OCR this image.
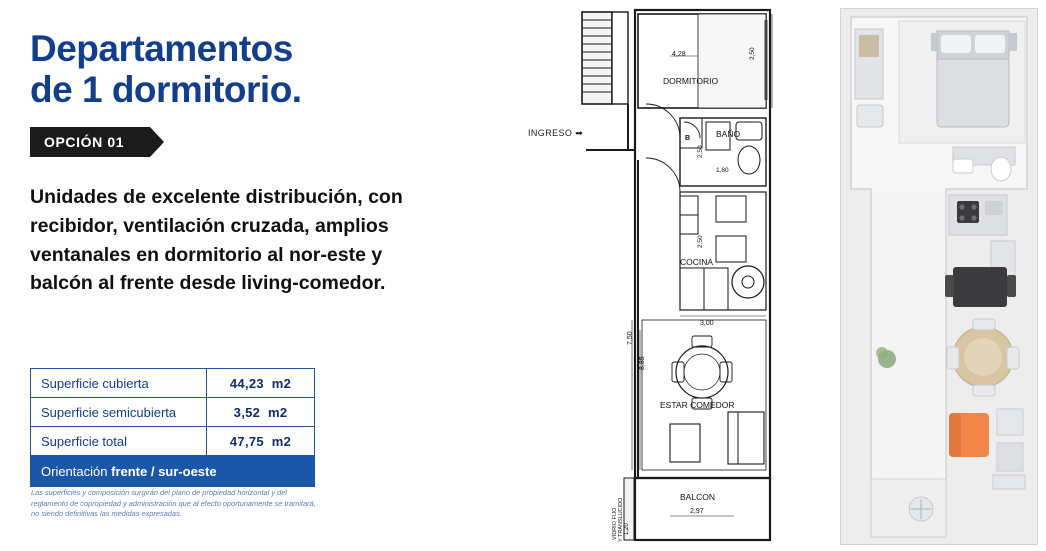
Departamentos
de 1 dormitorio.
OPCIÓN 01

Unidades de excelente distribución, con recibidor, ventilación cruzada, amplios ventanales en dormitorio al nor-este y balcón al frente desde living-comedor.

Superficie cubierta	44,23 m2
Superficie semicubierta	3,52 m2
Superficie total	47,75 m2
Orientación frente / sur-oeste	
Las superficies y composición surgirán del plano de propiedad horizontal y del reglamento de copropiedad y administración que al efecto oportunamente se tramitará, no siendo definitivas las medidas expresadas.
INGRESO ➡
DORMITORIO
BAÑO
COCINA
ESTAR COMEDOR
BALCON
4,28	2,50
2,50
1,80
2,50
3,00
7,50
8,85
2,97
1,20
VIDRIO FIJO Y TRANSLUCIDO
B
